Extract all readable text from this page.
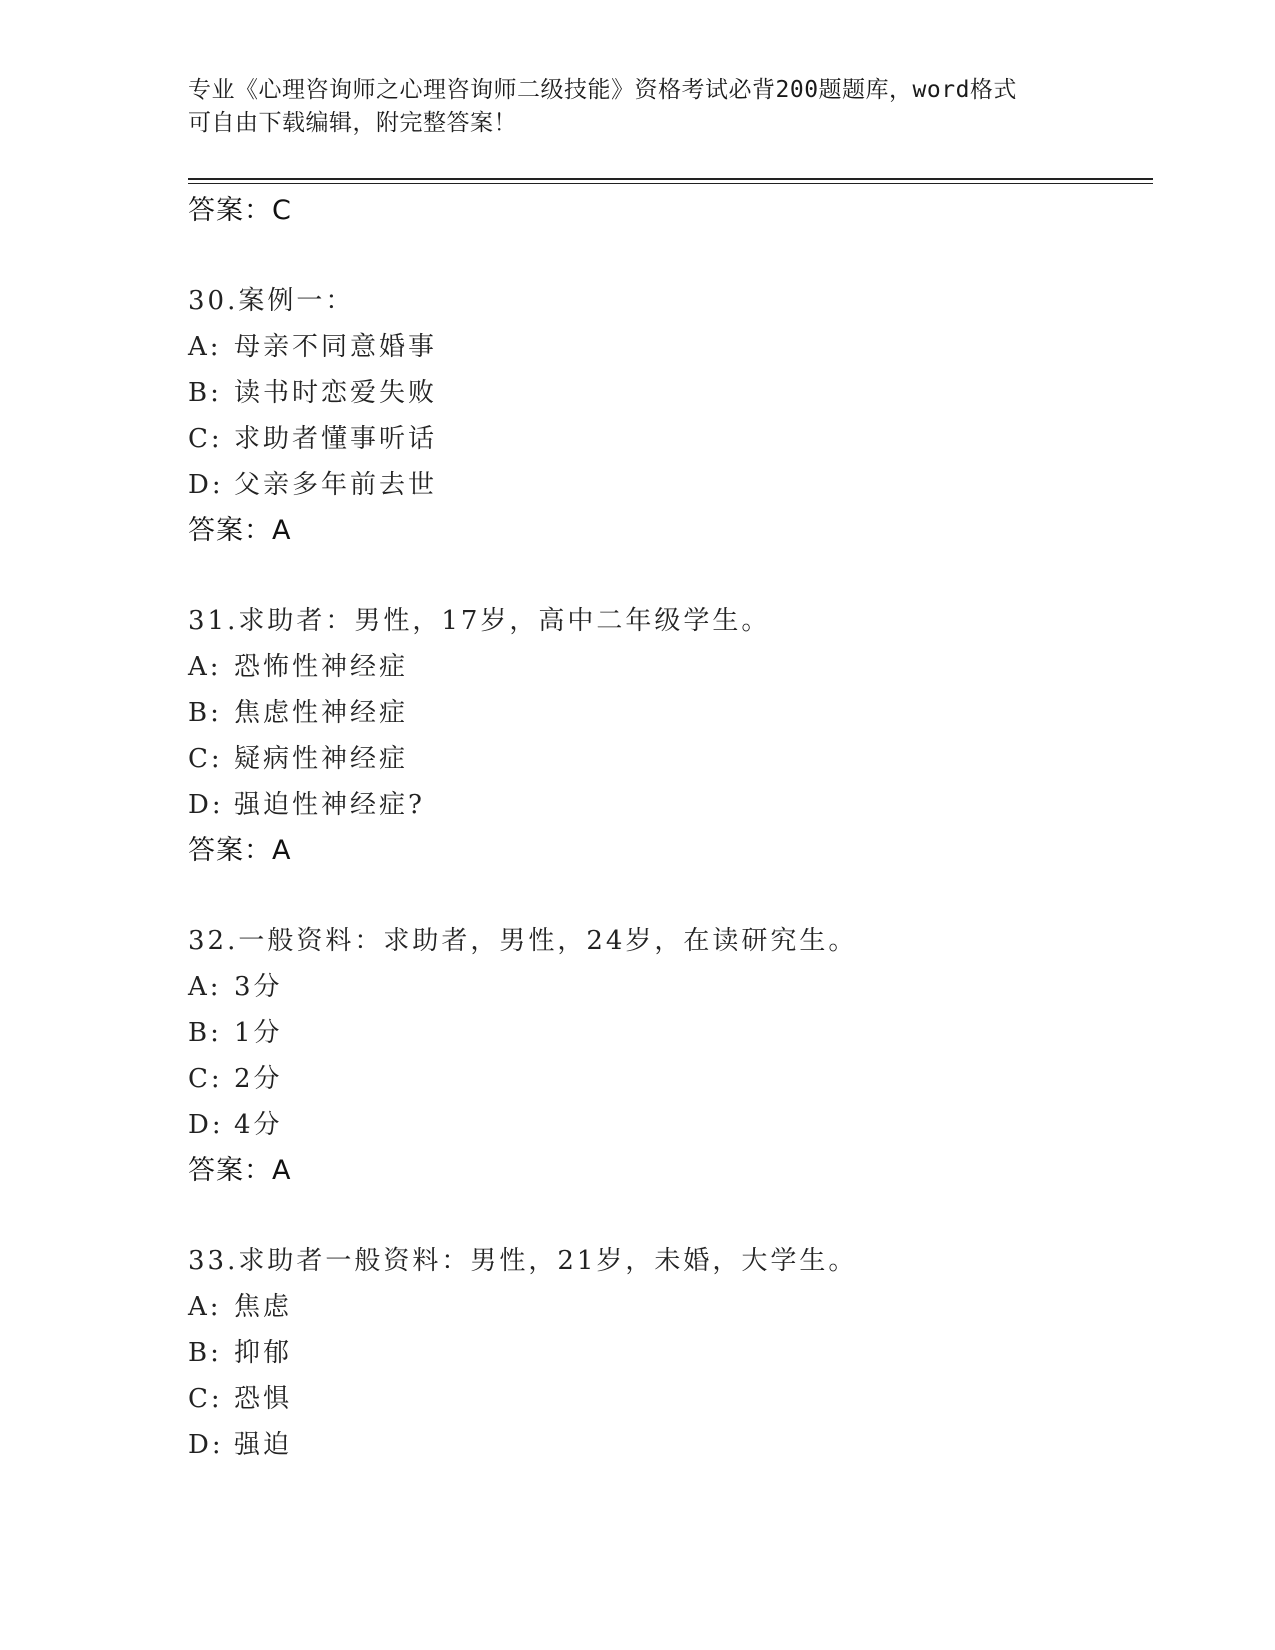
专业《心理咨询师之心理咨询师二级技能》资格考试必背200题题库，word格式
可自由下载编辑，附完整答案！
答案：C
30.案例一：
A: 母亲不同意婚事
B: 读书时恋爱失败
C: 求助者懂事听话
D: 父亲多年前去世
答案：A
31.求助者：男性，17岁，高中二年级学生。
A: 恐怖性神经症
B: 焦虑性神经症
C: 疑病性神经症
D: 强迫性神经症?
答案：A
32.一般资料：求助者，男性，24岁，在读研究生。
A: 3分
B: 1分
C: 2分
D: 4分
答案：A
33.求助者一般资料：男性，21岁，未婚，大学生。
A: 焦虑
B: 抑郁
C: 恐惧
D: 强迫
